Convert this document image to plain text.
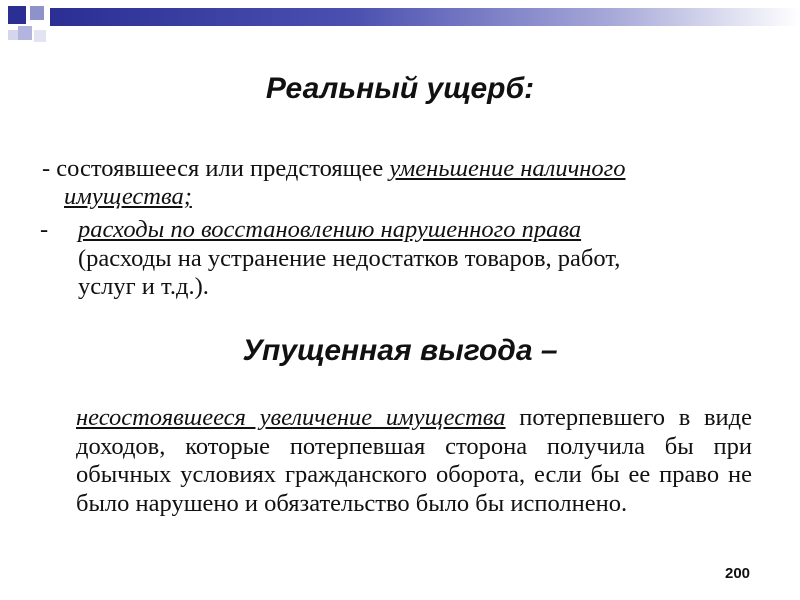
Реальный ущерб:
- состоявшееся или предстоящее уменьшение наличного
имущества;
- расходы по восстановлению нарушенного права
(расходы на устранение недостатков товаров, работ,
услуг и т.д.).
Упущенная выгода –
несостоявшееся увеличение имущества потерпевшего в виде доходов, которые потерпевшая сторона получила бы при обычных условиях гражданского оборота, если бы ее право не было нарушено и обязательство было бы исполнено.
200
